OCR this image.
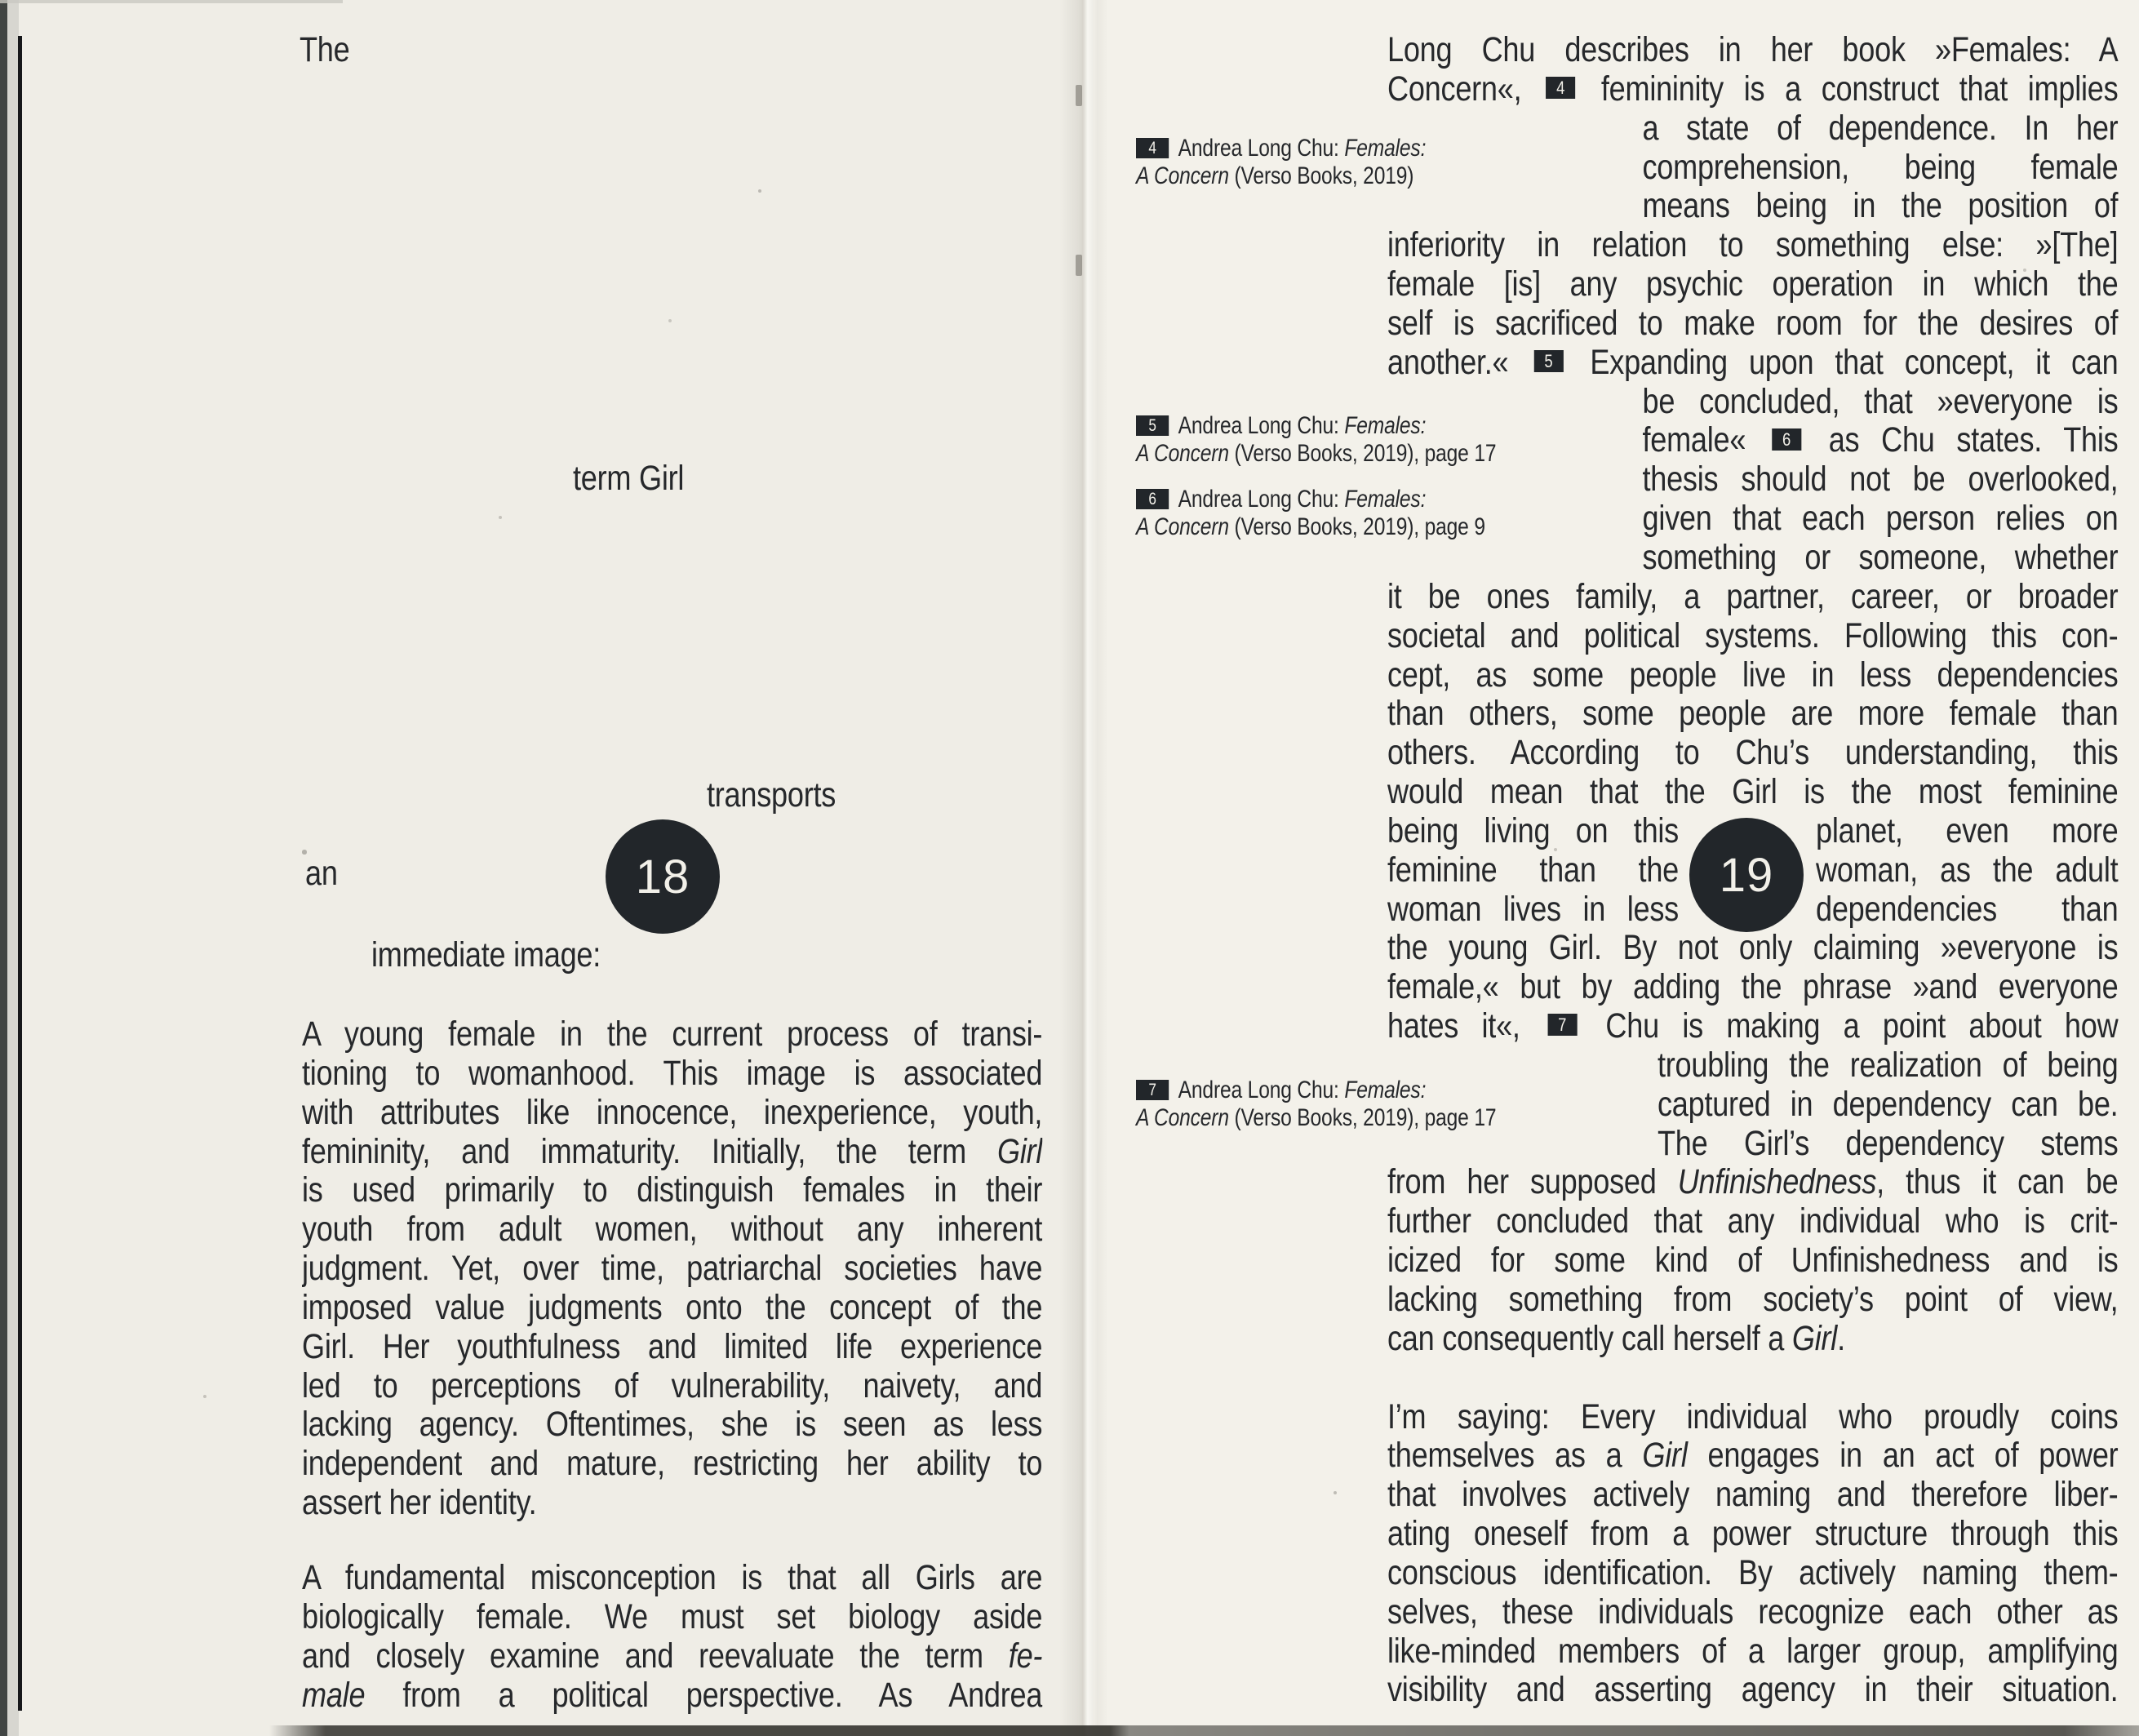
The
term Girl
transports
an
immediate image:
18	19
A young female in the current process of transi-
tioning to womanhood. This image is associated
with attributes like innocence, inexperience, youth,
femininity, and immaturity. Initially, the term Girl
is used primarily to distinguish females in their
youth from adult women, without any inherent
judgment. Yet, over time, patriarchal societies have
imposed value judgments onto the concept of the
Girl. Her youthfulness and limited life experience
led to perceptions of vulnerability, naivety, and
lacking agency. Oftentimes, she is seen as less
independent and mature, restricting her ability to
assert her identity.
A fundamental misconception is that all Girls are
biologically female. We must set biology aside
and closely examine and reevaluate the term fe-
male from a political perspective. As Andrea
Long Chu describes in her book »Females: A
Concern«, 4 femininity is a construct that implies
a state of dependence. In her
comprehension, being female
means being in the position of
inferiority in relation to something else: »[The]
female [is] any psychic operation in which the
self is sacrificed to make room for the desires of
another.« 5 Expanding upon that concept, it can
be concluded, that »everyone is
female« 6 as Chu states. This
thesis should not be overlooked,
given that each person relies on
something or someone, whether
it be ones family, a partner, career, or broader
societal and political systems. Following this con-
cept, as some people live in less dependencies
than others, some people are more female than
others. According to Chu’s understanding, this
would mean that the Girl is the most feminine
being living on this	planet, even more
feminine than the	woman, as the adult
woman lives in less	dependencies than
the young Girl. By not only claiming »everyone is
female,« but by adding the phrase »and everyone
hates it«, 7 Chu is making a point about how
troubling the realization of being
captured in dependency can be.
The Girl’s dependency stems
from her supposed Unfinishedness, thus it can be
further concluded that any individual who is crit-
icized for some kind of Unfinishedness and is
lacking something from society’s point of view,
can consequently call herself a Girl.
I’m saying: Every individual who proudly coins
themselves as a Girl engages in an act of power
that involves actively naming and therefore liber-
ating oneself from a power structure through this
conscious identification. By actively naming them-
selves, these individuals recognize each other as
like-minded members of a larger group, amplifying
visibility and asserting agency in their situation.
4 Andrea Long Chu: Females:
A Concern (Verso Books, 2019)
5 Andrea Long Chu: Females:
A Concern (Verso Books, 2019), page 17
6 Andrea Long Chu: Females:
A Concern (Verso Books, 2019), page 9
7 Andrea Long Chu: Females:
A Concern (Verso Books, 2019), page 17
